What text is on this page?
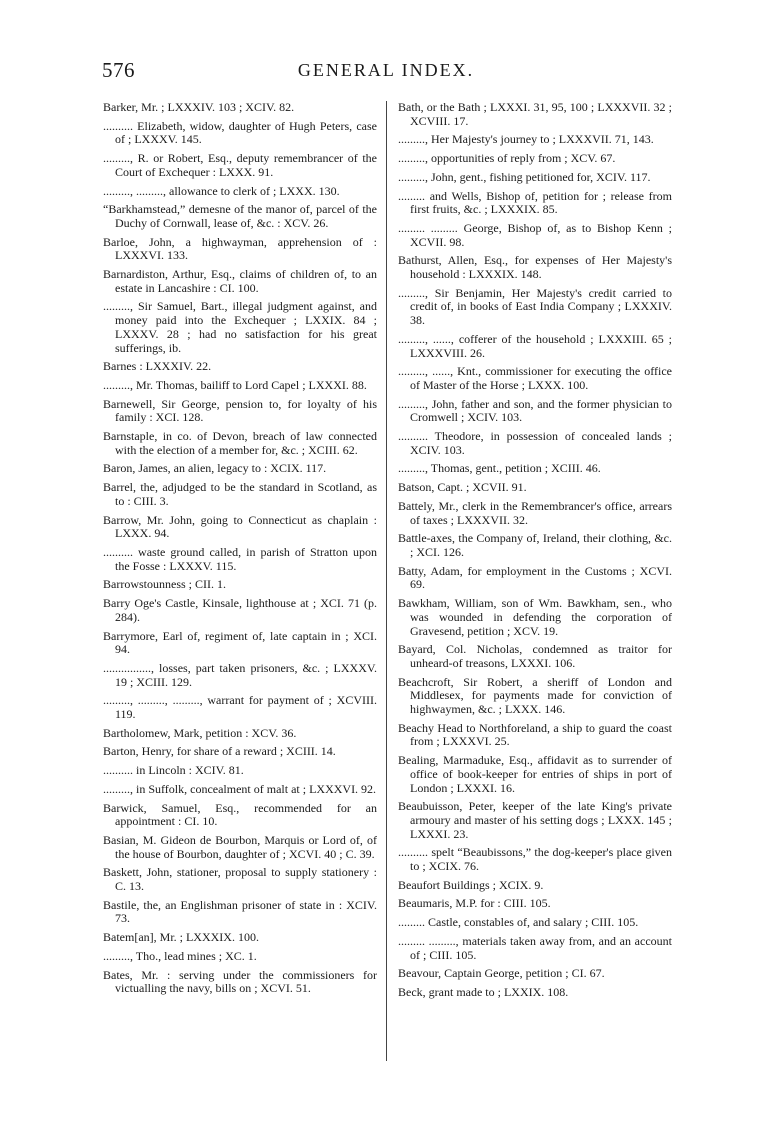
576	GENERAL INDEX.

Barker, Mr. ; LXXXIV. 103 ; XCIV. 82.

.......... Elizabeth, widow, daughter of Hugh Peters, case of ; LXXXV. 145.

........., R. or Robert, Esq., deputy remembrancer of the Court of Exchequer : LXXX. 91.

........., ........., allowance to clerk of ; LXXX. 130.

“Barkhamstead,” demesne of the manor of, parcel of the Duchy of Cornwall, lease of, &c. : XCV. 26.

Barloe, John, a highwayman, apprehension of : LXXXVI. 133.

Barnardiston, Arthur, Esq., claims of children of, to an estate in Lancashire : CI. 100.

........., Sir Samuel, Bart., illegal judgment against, and money paid into the Exchequer ; LXXIX. 84 ; LXXXV. 28 ; had no satisfaction for his great sufferings, ib.

Barnes : LXXXIV. 22.

........., Mr. Thomas, bailiff to Lord Capel ; LXXXI. 88.

Barnewell, Sir George, pension to, for loyalty of his family : XCI. 128.

Barnstaple, in co. of Devon, breach of law connected with the election of a member for, &c. ; XCIII. 62.

Baron, James, an alien, legacy to : XCIX. 117.

Barrel, the, adjudged to be the standard in Scotland, as to : CIII. 3.

Barrow, Mr. John, going to Connecticut as chaplain : LXXX. 94.

.......... waste ground called, in parish of Stratton upon the Fosse : LXXXV. 115.

Barrowstounness ; CII. 1.

Barry Oge's Castle, Kinsale, lighthouse at ; XCI. 71 (p. 284).

Barrymore, Earl of, regiment of, late captain in ; XCI. 94.

................, losses, part taken prisoners, &c. ; LXXXV. 19 ; XCIII. 129.

........., ........., ........., warrant for payment of ; XCVIII. 119.

Bartholomew, Mark, petition : XCV. 36.

Barton, Henry, for share of a reward ; XCIII. 14.

.......... in Lincoln : XCIV. 81.

........., in Suffolk, concealment of malt at ; LXXXVI. 92.

Barwick, Samuel, Esq., recommended for an appointment : CI. 10.

Basian, M. Gideon de Bourbon, Marquis or Lord of, of the house of Bourbon, daughter of ; XCVI. 40 ; C. 39.

Baskett, John, stationer, proposal to supply stationery : C. 13.

Bastile, the, an Englishman prisoner of state in : XCIV. 73.

Batem[an], Mr. ; LXXXIX. 100.

........., Tho., lead mines ; XC. 1.

Bates, Mr. : serving under the commissioners for victualling the navy, bills on ; XCVI. 51.

Bath, or the Bath ; LXXXI. 31, 95, 100 ; LXXXVII. 32 ; XCVIII. 17.

........., Her Majesty's journey to ; LXXXVII. 71, 143.

........., opportunities of reply from ; XCV. 67.

........., John, gent., fishing petitioned for, XCIV. 117.

......... and Wells, Bishop of, petition for ; release from first fruits, &c. ; LXXXIX. 85.

......... ......... George, Bishop of, as to Bishop Kenn ; XCVII. 98.

Bathurst, Allen, Esq., for expenses of Her Majesty's household : LXXXIX. 148.

........., Sir Benjamin, Her Majesty's credit carried to credit of, in books of East India Company ; LXXXIV. 38.

........., ......, cofferer of the household ; LXXXIII. 65 ; LXXXVIII. 26.

........., ......, Knt., commissioner for executing the office of Master of the Horse ; LXXX. 100.

........., John, father and son, and the former physician to Cromwell ; XCIV. 103.

.......... Theodore, in possession of concealed lands ; XCIV. 103.

........., Thomas, gent., petition ; XCIII. 46.

Batson, Capt. ; XCVII. 91.

Battely, Mr., clerk in the Remembrancer's office, arrears of taxes ; LXXXVII. 32.

Battle-axes, the Company of, Ireland, their clothing, &c. ; XCI. 126.

Batty, Adam, for employment in the Customs ; XCVI. 69.

Bawkham, William, son of Wm. Bawkham, sen., who was wounded in defending the corporation of Gravesend, petition ; XCV. 19.

Bayard, Col. Nicholas, condemned as traitor for unheard-of treasons, LXXXI. 106.

Beachcroft, Sir Robert, a sheriff of London and Middlesex, for payments made for conviction of highwaymen, &c. ; LXXX. 146.

Beachy Head to Northforeland, a ship to guard the coast from ; LXXXVI. 25.

Bealing, Marmaduke, Esq., affidavit as to surrender of office of book-keeper for entries of ships in port of London ; LXXXI. 16.

Beaubuisson, Peter, keeper of the late King's private armoury and master of his setting dogs ; LXXX. 145 ; LXXXI. 23.

.......... spelt “Beaubissons,” the dog-keeper's place given to ; XCIX. 76.

Beaufort Buildings ; XCIX. 9.

Beaumaris, M.P. for : CIII. 105.

......... Castle, constables of, and salary ; CIII. 105.

......... ........., materials taken away from, and an account of ; CIII. 105.

Beavour, Captain George, petition ; CI. 67.

Beck, grant made to ; LXXIX. 108.
